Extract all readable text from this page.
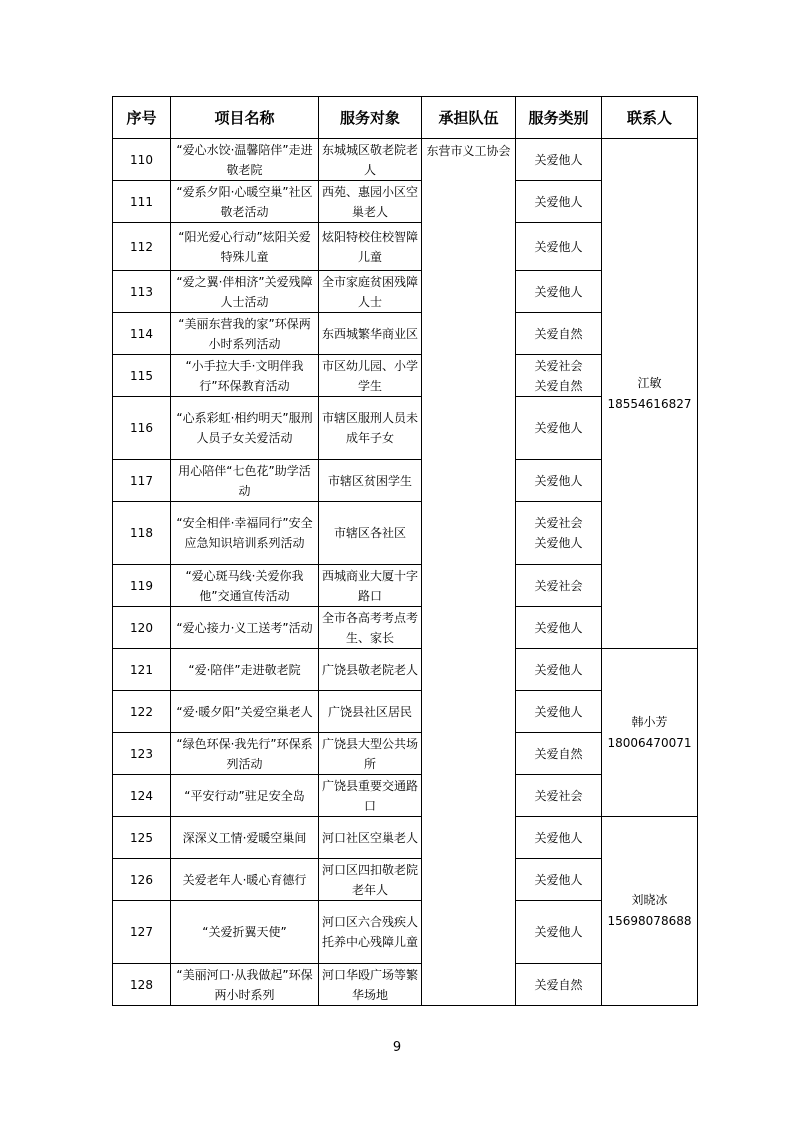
序号	项目名称	服务对象	承担队伍	服务类别	联系人
110	“爱心水饺·温馨陪伴”走进敬老院	东城城区敬老院老人	东营市义工协会	关爱他人	江敏
18554616827

111	“爱系夕阳·心暖空巢”社区敬老活动	西苑、惠园小区空巢老人		关爱他人	
112	“阳光爱心行动”炫阳关爱特殊儿童	炫阳特校住校智障儿童		关爱他人	
113	“爱之翼·伴相济”关爱残障人士活动	全市家庭贫困残障人士		关爱他人	
114	“美丽东营我的家”环保两小时系列活动	东西城繁华商业区		关爱自然	
115	“小手拉大手·文明伴我行”环保教育活动	市区幼儿园、小学学生		关爱社会
关爱自然	
116	“心系彩虹·相约明天”服刑人员子女关爱活动	市辖区服刑人员未成年子女		关爱他人	
117	用心陪伴“七色花”助学活动	市辖区贫困学生		关爱他人	
118	“安全相伴·幸福同行”安全应急知识培训系列活动	市辖区各社区		关爱社会
关爱他人	
119	“爱心斑马线·关爱你我他”交通宣传活动	西城商业大厦十字路口		关爱社会	
120	“爱心接力·义工送考”活动	全市各高考考点考生、家长		关爱他人	
121	“爱·陪伴”走进敬老院	广饶县敬老院老人		关爱他人	韩小芳
18006470071

122	“爱·暖夕阳”关爱空巢老人	广饶县社区居民		关爱他人	
123	“绿色环保·我先行”环保系列活动	广饶县大型公共场所		关爱自然	
124	“平安行动”驻足安全岛	广饶县重要交通路口		关爱社会	
125	深深义工情·爱暖空巢间	河口社区空巢老人		关爱他人	刘晓冰
15698078688

126	关爱老年人·暖心育德行	河口区四扣敬老院老年人		关爱他人	
127	“关爱折翼天使”	河口区六合残疾人托养中心残障儿童		关爱他人	
128	“美丽河口·从我做起”环保两小时系列	河口华殴广场等繁华场地		关爱自然	
9
